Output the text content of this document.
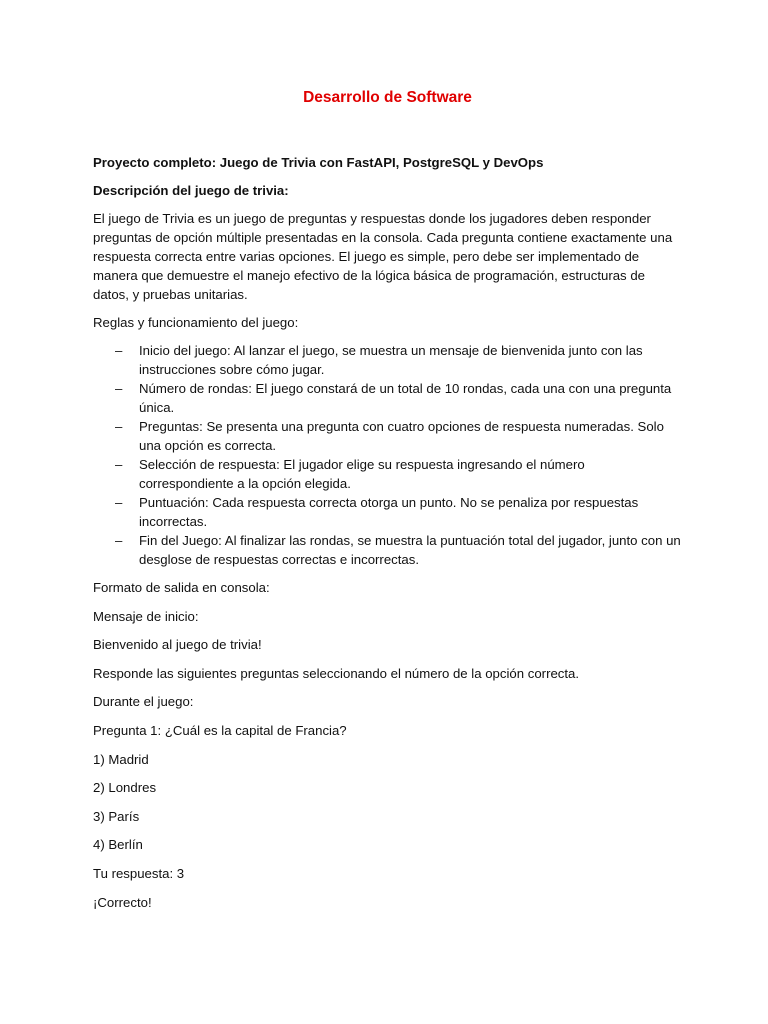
Desarrollo de Software
Proyecto completo: Juego de Trivia con FastAPI, PostgreSQL y DevOps
Descripción del juego de trivia:
El juego de Trivia es un juego de preguntas y respuestas donde los jugadores deben responder preguntas de opción múltiple presentadas en la consola. Cada pregunta contiene exactamente una respuesta correcta entre varias opciones. El juego es simple, pero debe ser implementado de manera que demuestre el manejo efectivo de la lógica básica de programación, estructuras de datos, y pruebas unitarias.
Reglas y funcionamiento del juego:
– Inicio del juego: Al lanzar el juego, se muestra un mensaje de bienvenida junto con las instrucciones sobre cómo jugar.
– Número de rondas: El juego constará de un total de 10 rondas, cada una con una pregunta única.
– Preguntas: Se presenta una pregunta con cuatro opciones de respuesta numeradas. Solo una opción es correcta.
– Selección de respuesta: El jugador elige su respuesta ingresando el número correspondiente a la opción elegida.
– Puntuación: Cada respuesta correcta otorga un punto. No se penaliza por respuestas incorrectas.
– Fin del Juego: Al finalizar las rondas, se muestra la puntuación total del jugador, junto con un desglose de respuestas correctas e incorrectas.
Formato de salida en consola:
Mensaje de inicio:
Bienvenido al juego de trivia!
Responde las siguientes preguntas seleccionando el número de la opción correcta.
Durante el juego:
Pregunta 1: ¿Cuál es la capital de Francia?
1) Madrid
2) Londres
3) París
4) Berlín
Tu respuesta: 3
¡Correcto!
